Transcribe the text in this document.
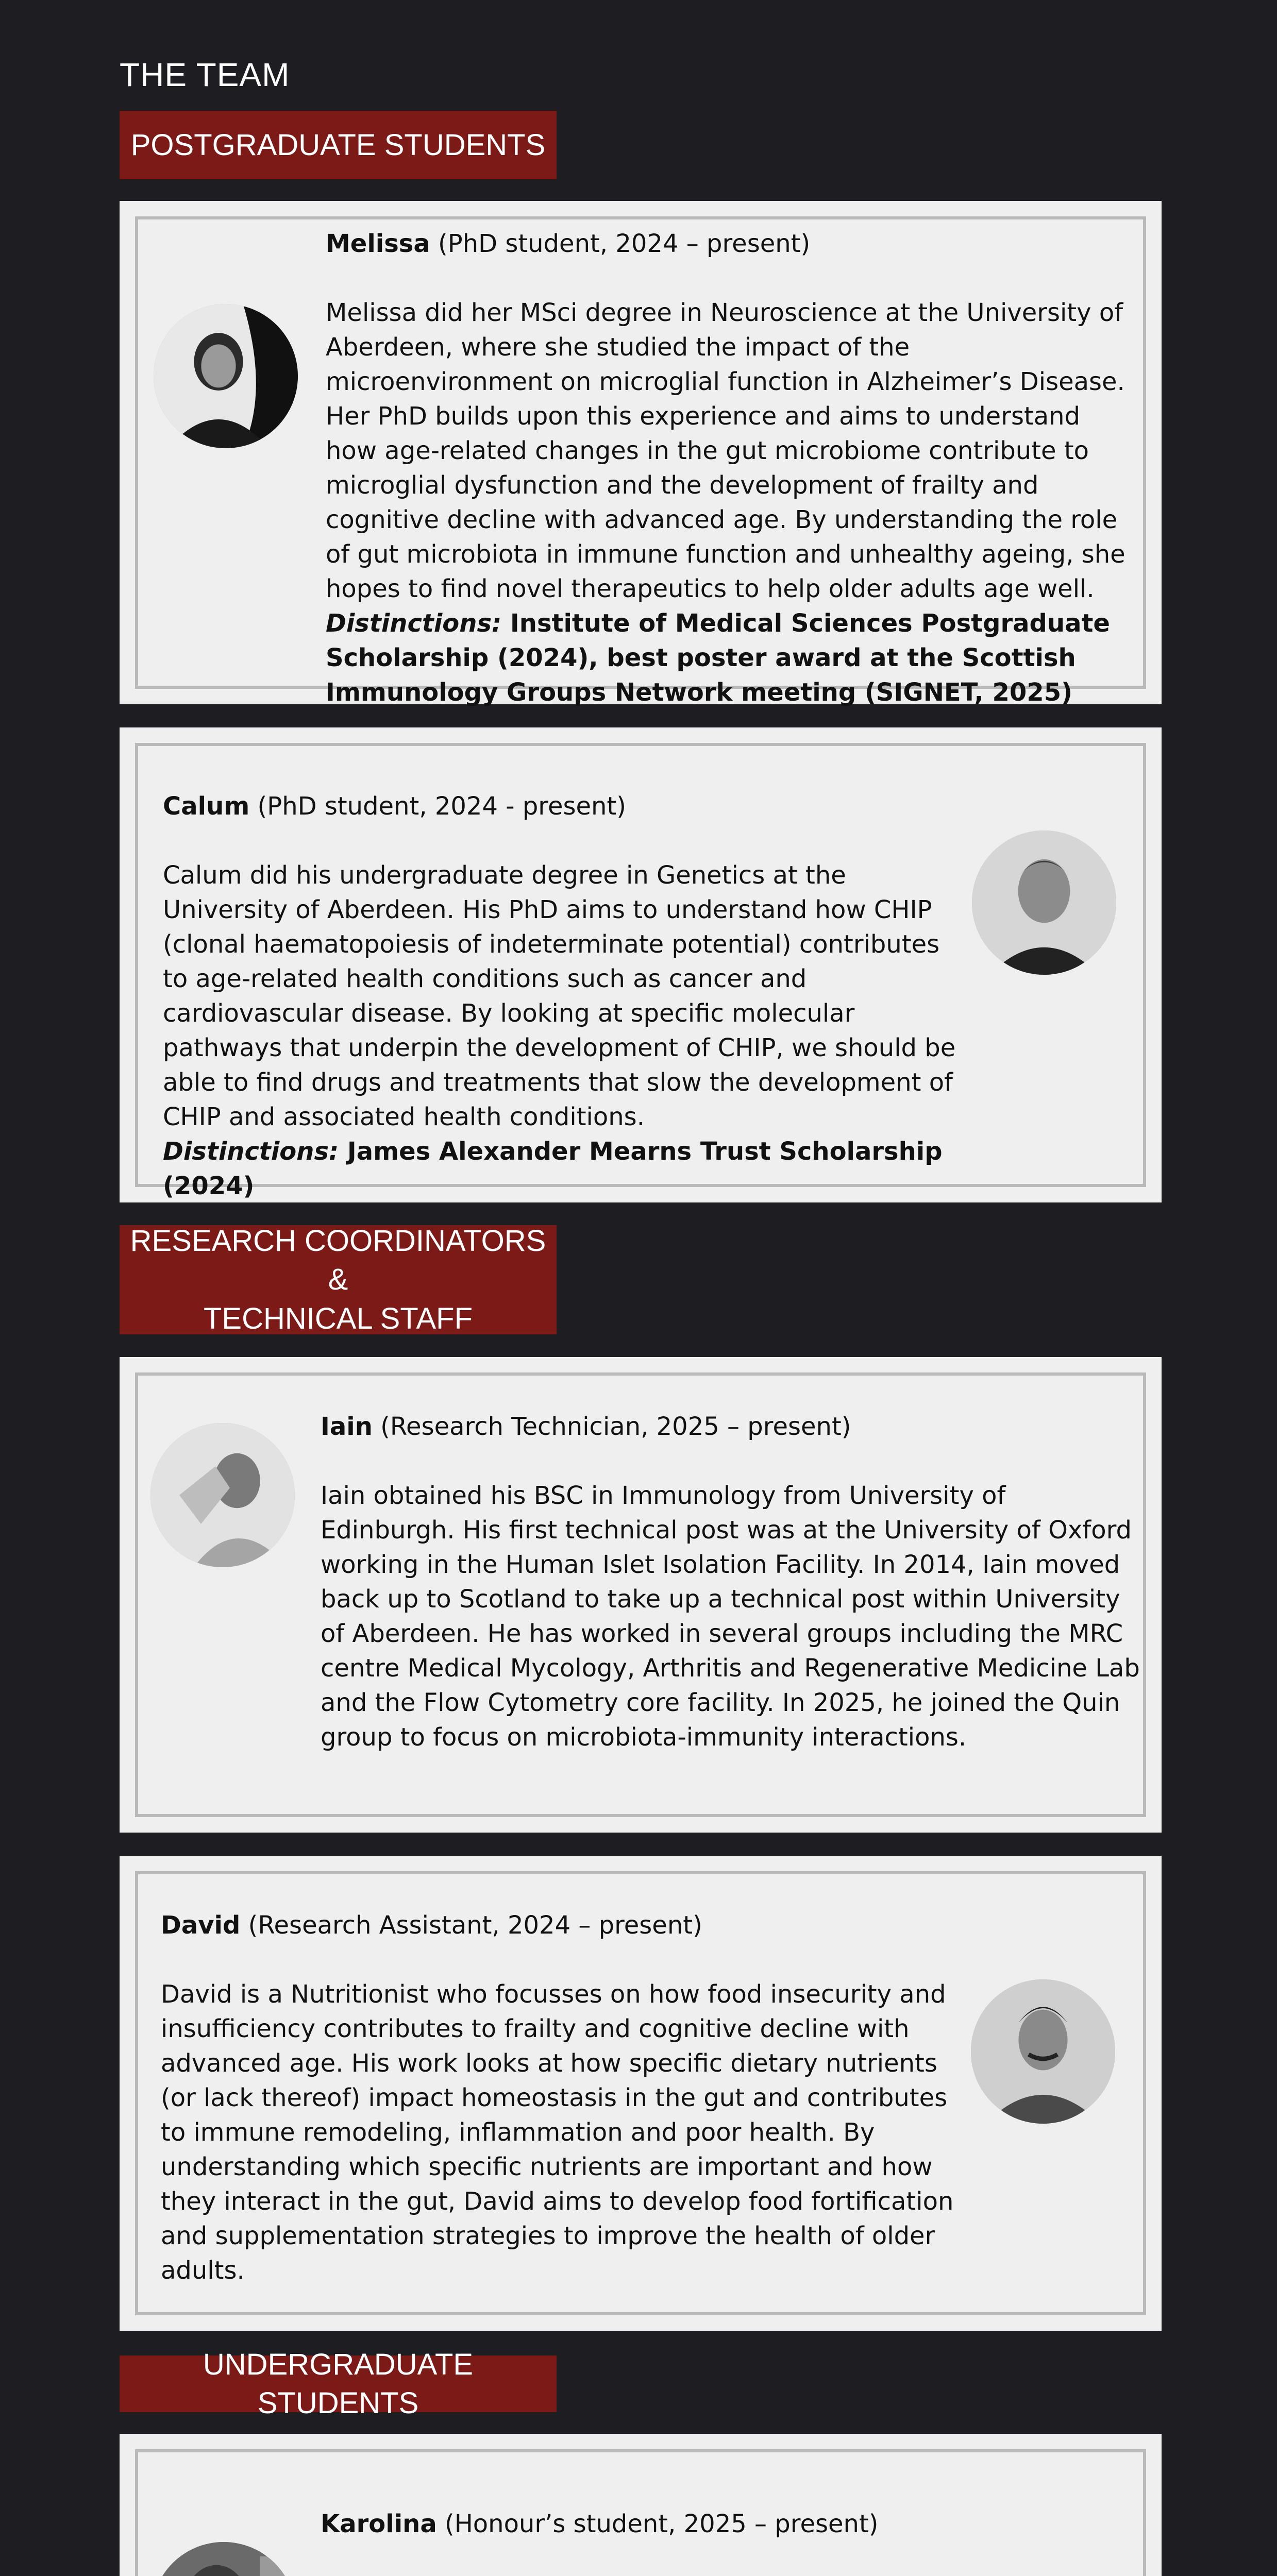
THE TEAM
POSTGRADUATE STUDENTS

Melissa (PhD student, 2024 – present)

Melissa did her MSci degree in Neuroscience at the University of Aberdeen, where she studied the impact of the microenvironment on microglial function in Alzheimer’s Disease. Her PhD builds upon this experience and aims to understand how age-related changes in the gut microbiome contribute to microglial dysfunction and the development of frailty and cognitive decline with advanced age. By understanding the role of gut microbiota in immune function and unhealthy ageing, she hopes to find novel therapeutics to help older adults age well.

Distinctions: Institute of Medical Sciences Postgraduate Scholarship (2024), best poster award at the Scottish Immunology Groups Network meeting (SIGNET, 2025)

Calum (PhD student, 2024 - present)

Calum did his undergraduate degree in Genetics at the University of Aberdeen. His PhD aims to understand how CHIP (clonal haematopoiesis of indeterminate potential) contributes to age-related health conditions such as cancer and cardiovascular disease. By looking at specific molecular pathways that underpin the development of CHIP, we should be able to find drugs and treatments that slow the development of CHIP and associated health conditions.

Distinctions: James Alexander Mearns Trust Scholarship (2024)

RESEARCH COORDINATORS &
TECHNICAL STAFF

Iain (Research Technician, 2025 – present)

Iain obtained his BSC in Immunology from University of Edinburgh. His first technical post was at the University of Oxford working in the Human Islet Isolation Facility. In 2014, Iain moved back up to Scotland to take up a technical post within University of Aberdeen. He has worked in several groups including the MRC centre Medical Mycology, Arthritis and Regenerative Medicine Lab and the Flow Cytometry core facility. In 2025, he joined the Quin group to focus on microbiota-immunity interactions.

David (Research Assistant, 2024 – present)

David is a Nutritionist who focusses on how food insecurity and insufficiency contributes to frailty and cognitive decline with advanced age. His work looks at how specific dietary nutrients (or lack thereof) impact homeostasis in the gut and contributes to immune remodeling, inflammation and poor health. By understanding which specific nutrients are important and how they interact in the gut, David aims to develop food fortification and supplementation strategies to improve the health of older adults.

UNDERGRADUATE STUDENTS

Karolina (Honour’s student, 2025 – present)
